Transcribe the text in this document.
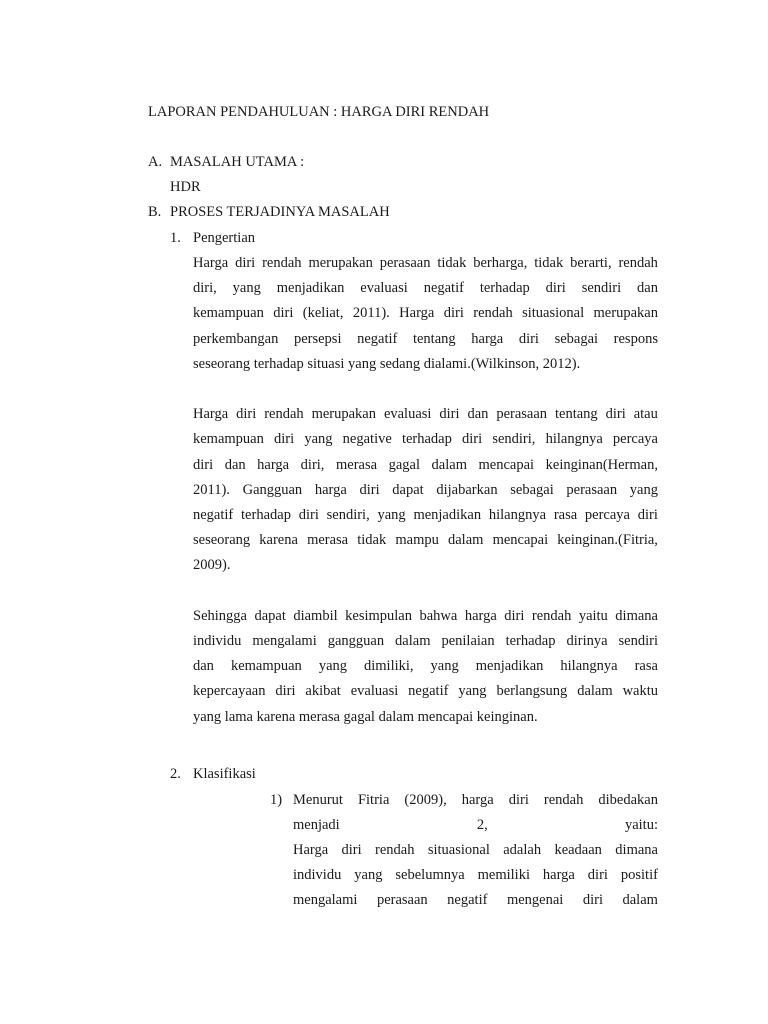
LAPORAN PENDAHULUAN : HARGA DIRI RENDAH
A. MASALAH UTAMA :
HDR
B. PROSES TERJADINYA MASALAH
1. Pengertian
Harga diri rendah merupakan perasaan tidak berharga, tidak berarti, rendah
diri, yang menjadikan evaluasi negatif terhadap diri sendiri dan
kemampuan diri (keliat, 2011). Harga diri rendah situasional merupakan
perkembangan persepsi negatif tentang harga diri sebagai respons
seseorang terhadap situasi yang sedang dialami.(Wilkinson, 2012).
Harga diri rendah merupakan evaluasi diri dan perasaan tentang diri atau
kemampuan diri yang negative terhadap diri sendiri, hilangnya percaya
diri dan harga diri, merasa gagal dalam mencapai keinginan(Herman,
2011). Gangguan harga diri dapat dijabarkan sebagai perasaan yang
negatif terhadap diri sendiri, yang menjadikan hilangnya rasa percaya diri
seseorang karena merasa tidak mampu dalam mencapai keinginan.(Fitria,
2009).
Sehingga dapat diambil kesimpulan bahwa harga diri rendah yaitu dimana
individu mengalami gangguan dalam penilaian terhadap dirinya sendiri
dan kemampuan yang dimiliki, yang menjadikan hilangnya rasa
kepercayaan diri akibat evaluasi negatif yang berlangsung dalam waktu
yang lama karena merasa gagal dalam mencapai keinginan.
2. Klasifikasi
1) Menurut Fitria (2009), harga diri rendah dibedakan
menjadi	2,	yaitu:
Harga diri rendah situasional adalah keadaan dimana
individu yang sebelumnya memiliki harga diri positif
mengalami perasaan negatif mengenai diri dalam
